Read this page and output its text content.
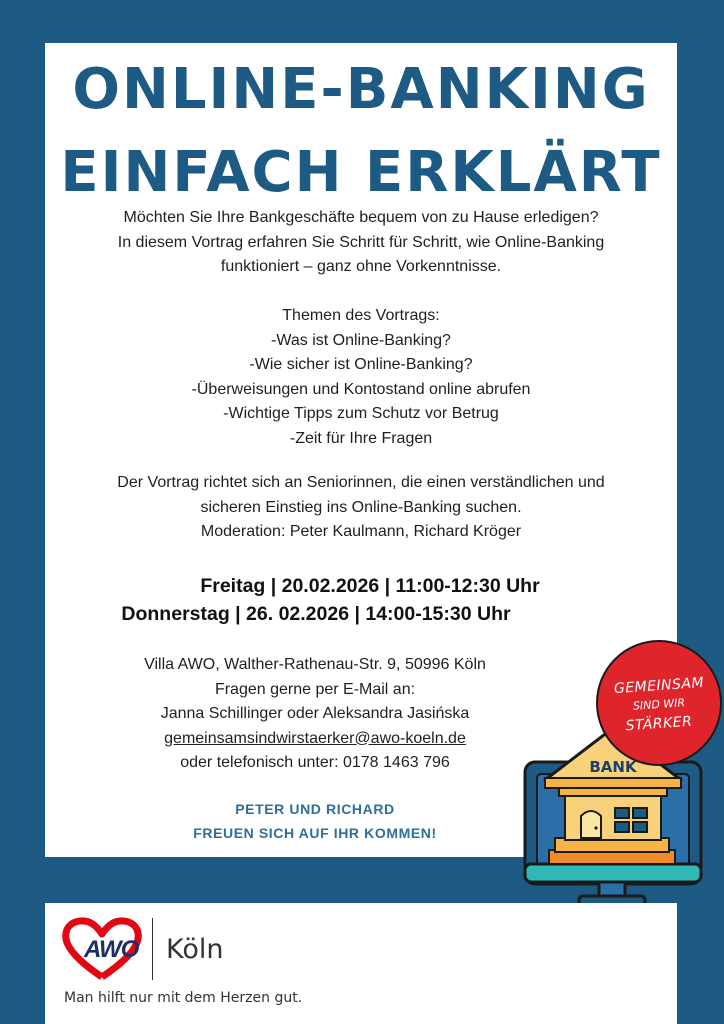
ONLINE-BANKING
EINFACH ERKLÄRT
Möchten Sie Ihre Bankgeschäfte bequem von zu Hause erledigen?
In diesem Vortrag erfahren Sie Schritt für Schritt, wie Online-Banking
funktioniert – ganz ohne Vorkenntnisse.
Themen des Vortrags:
-Was ist Online-Banking?
-Wie sicher ist Online-Banking?
-Überweisungen und Kontostand online abrufen
-Wichtige Tipps zum Schutz vor Betrug
-Zeit für Ihre Fragen
Der Vortrag richtet sich an Seniorinnen, die einen verständlichen und
sicheren Einstieg ins Online-Banking suchen.
Moderation: Peter Kaulmann, Richard Kröger
Freitag | 20.02.2026 | 11:00-12:30 Uhr
Donnerstag | 26. 02.2026 | 14:00-15:30 Uhr
Villa AWO, Walther-Rathenau-Str. 9, 50996 Köln
Fragen gerne per E-Mail an:
Janna Schillinger oder Aleksandra Jasińska
gemeinsamsindwirstaerker@awo-koeln.de
oder telefonisch unter: 0178 1463 796
PETER UND RICHARD
FREUEN SICH AUF IHR KOMMEN!
BANK
GEMEINSAM
SIND WIR
STÄRKER
AWO Köln
Man hilft nur mit dem Herzen gut.
